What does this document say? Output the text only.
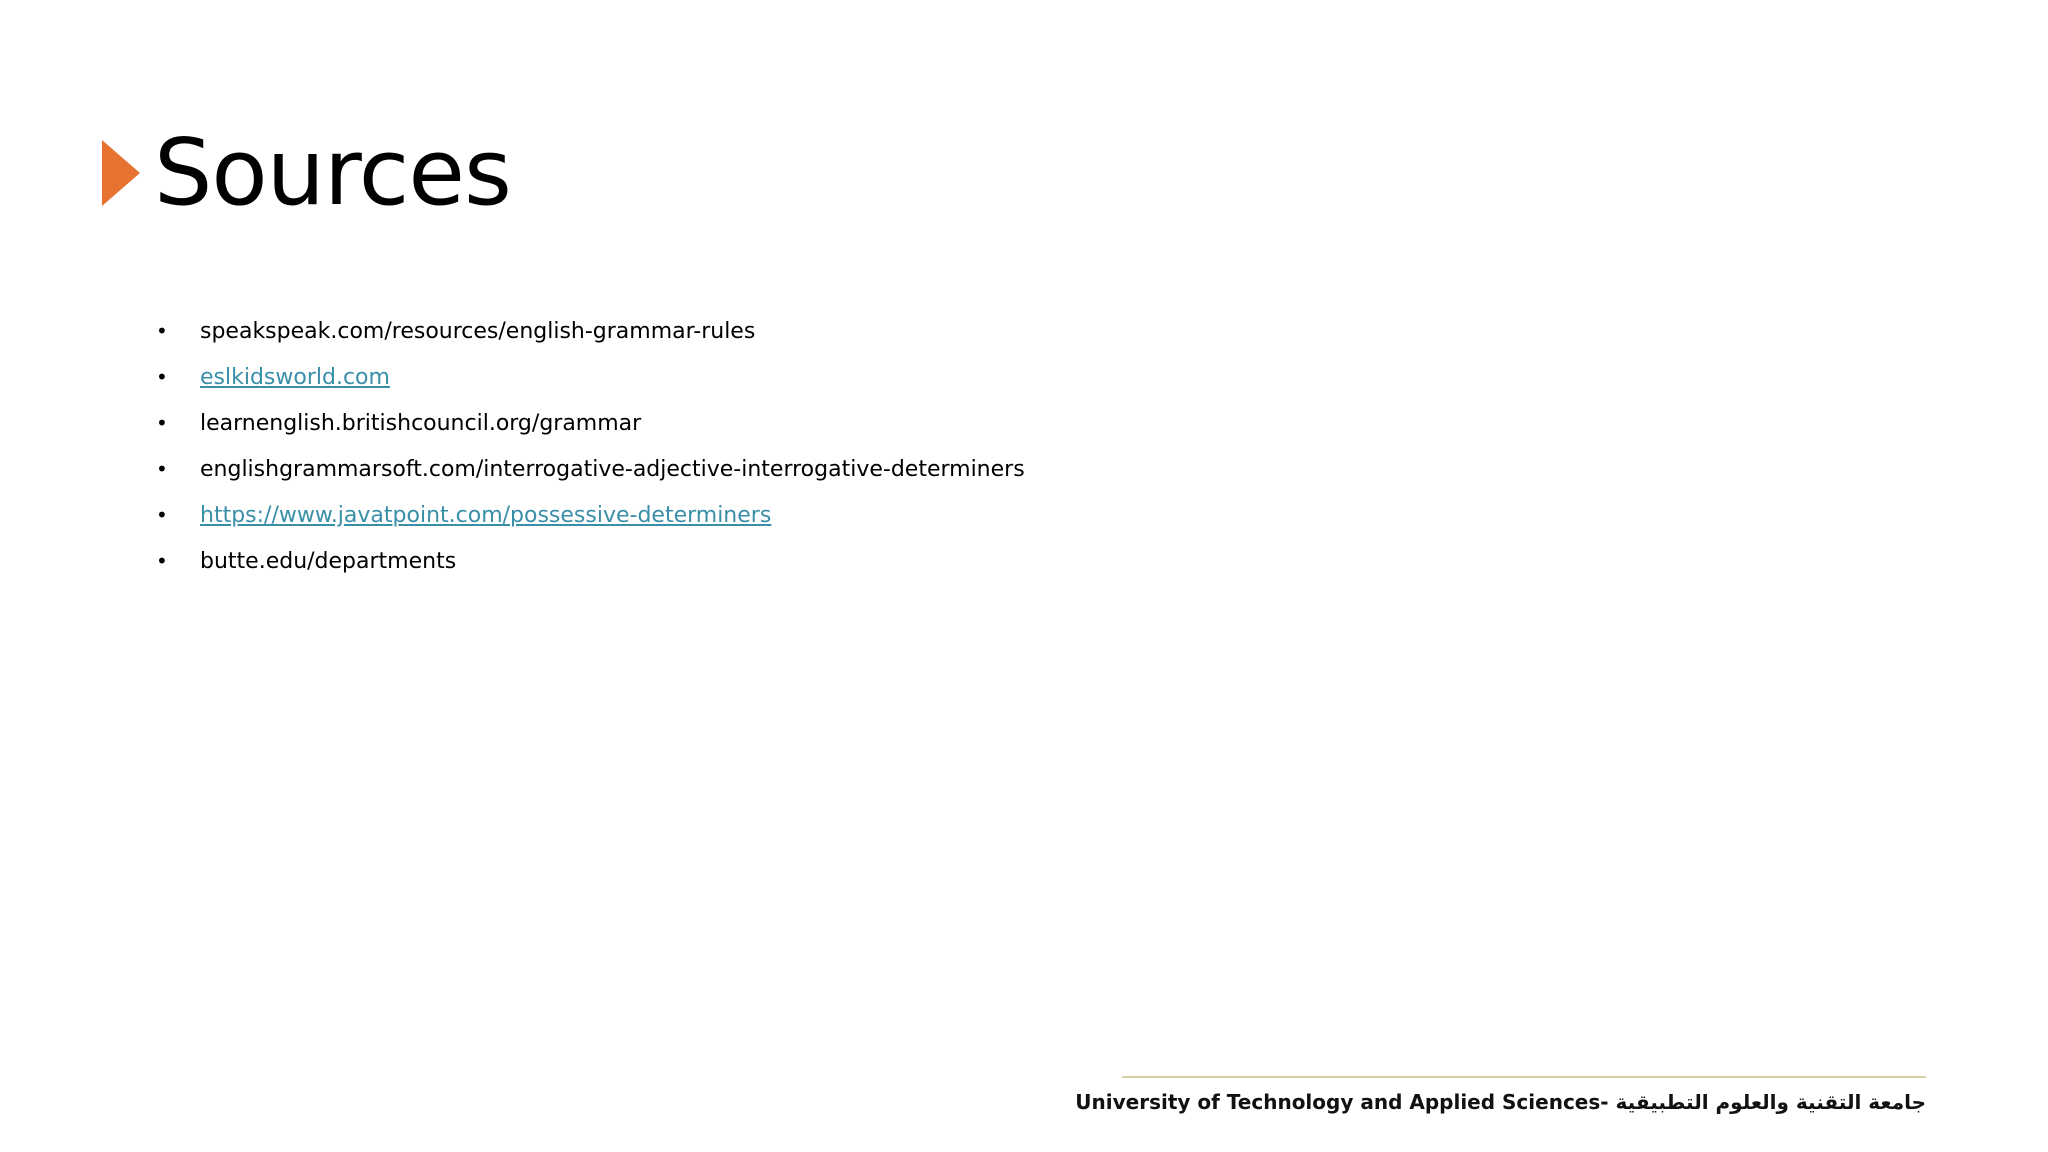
Sources
•	speakspeak.com/resources/english-grammar-rules
•	eslkidsworld.com
•	learnenglish.britishcouncil.org/grammar
•	englishgrammarsoft.com/interrogative-adjective-interrogative-determiners
•	https://www.javatpoint.com/possessive-determiners
•	butte.edu/departments
University of Technology and Applied Sciences- جامعة التقنية والعلوم التطبيقية
